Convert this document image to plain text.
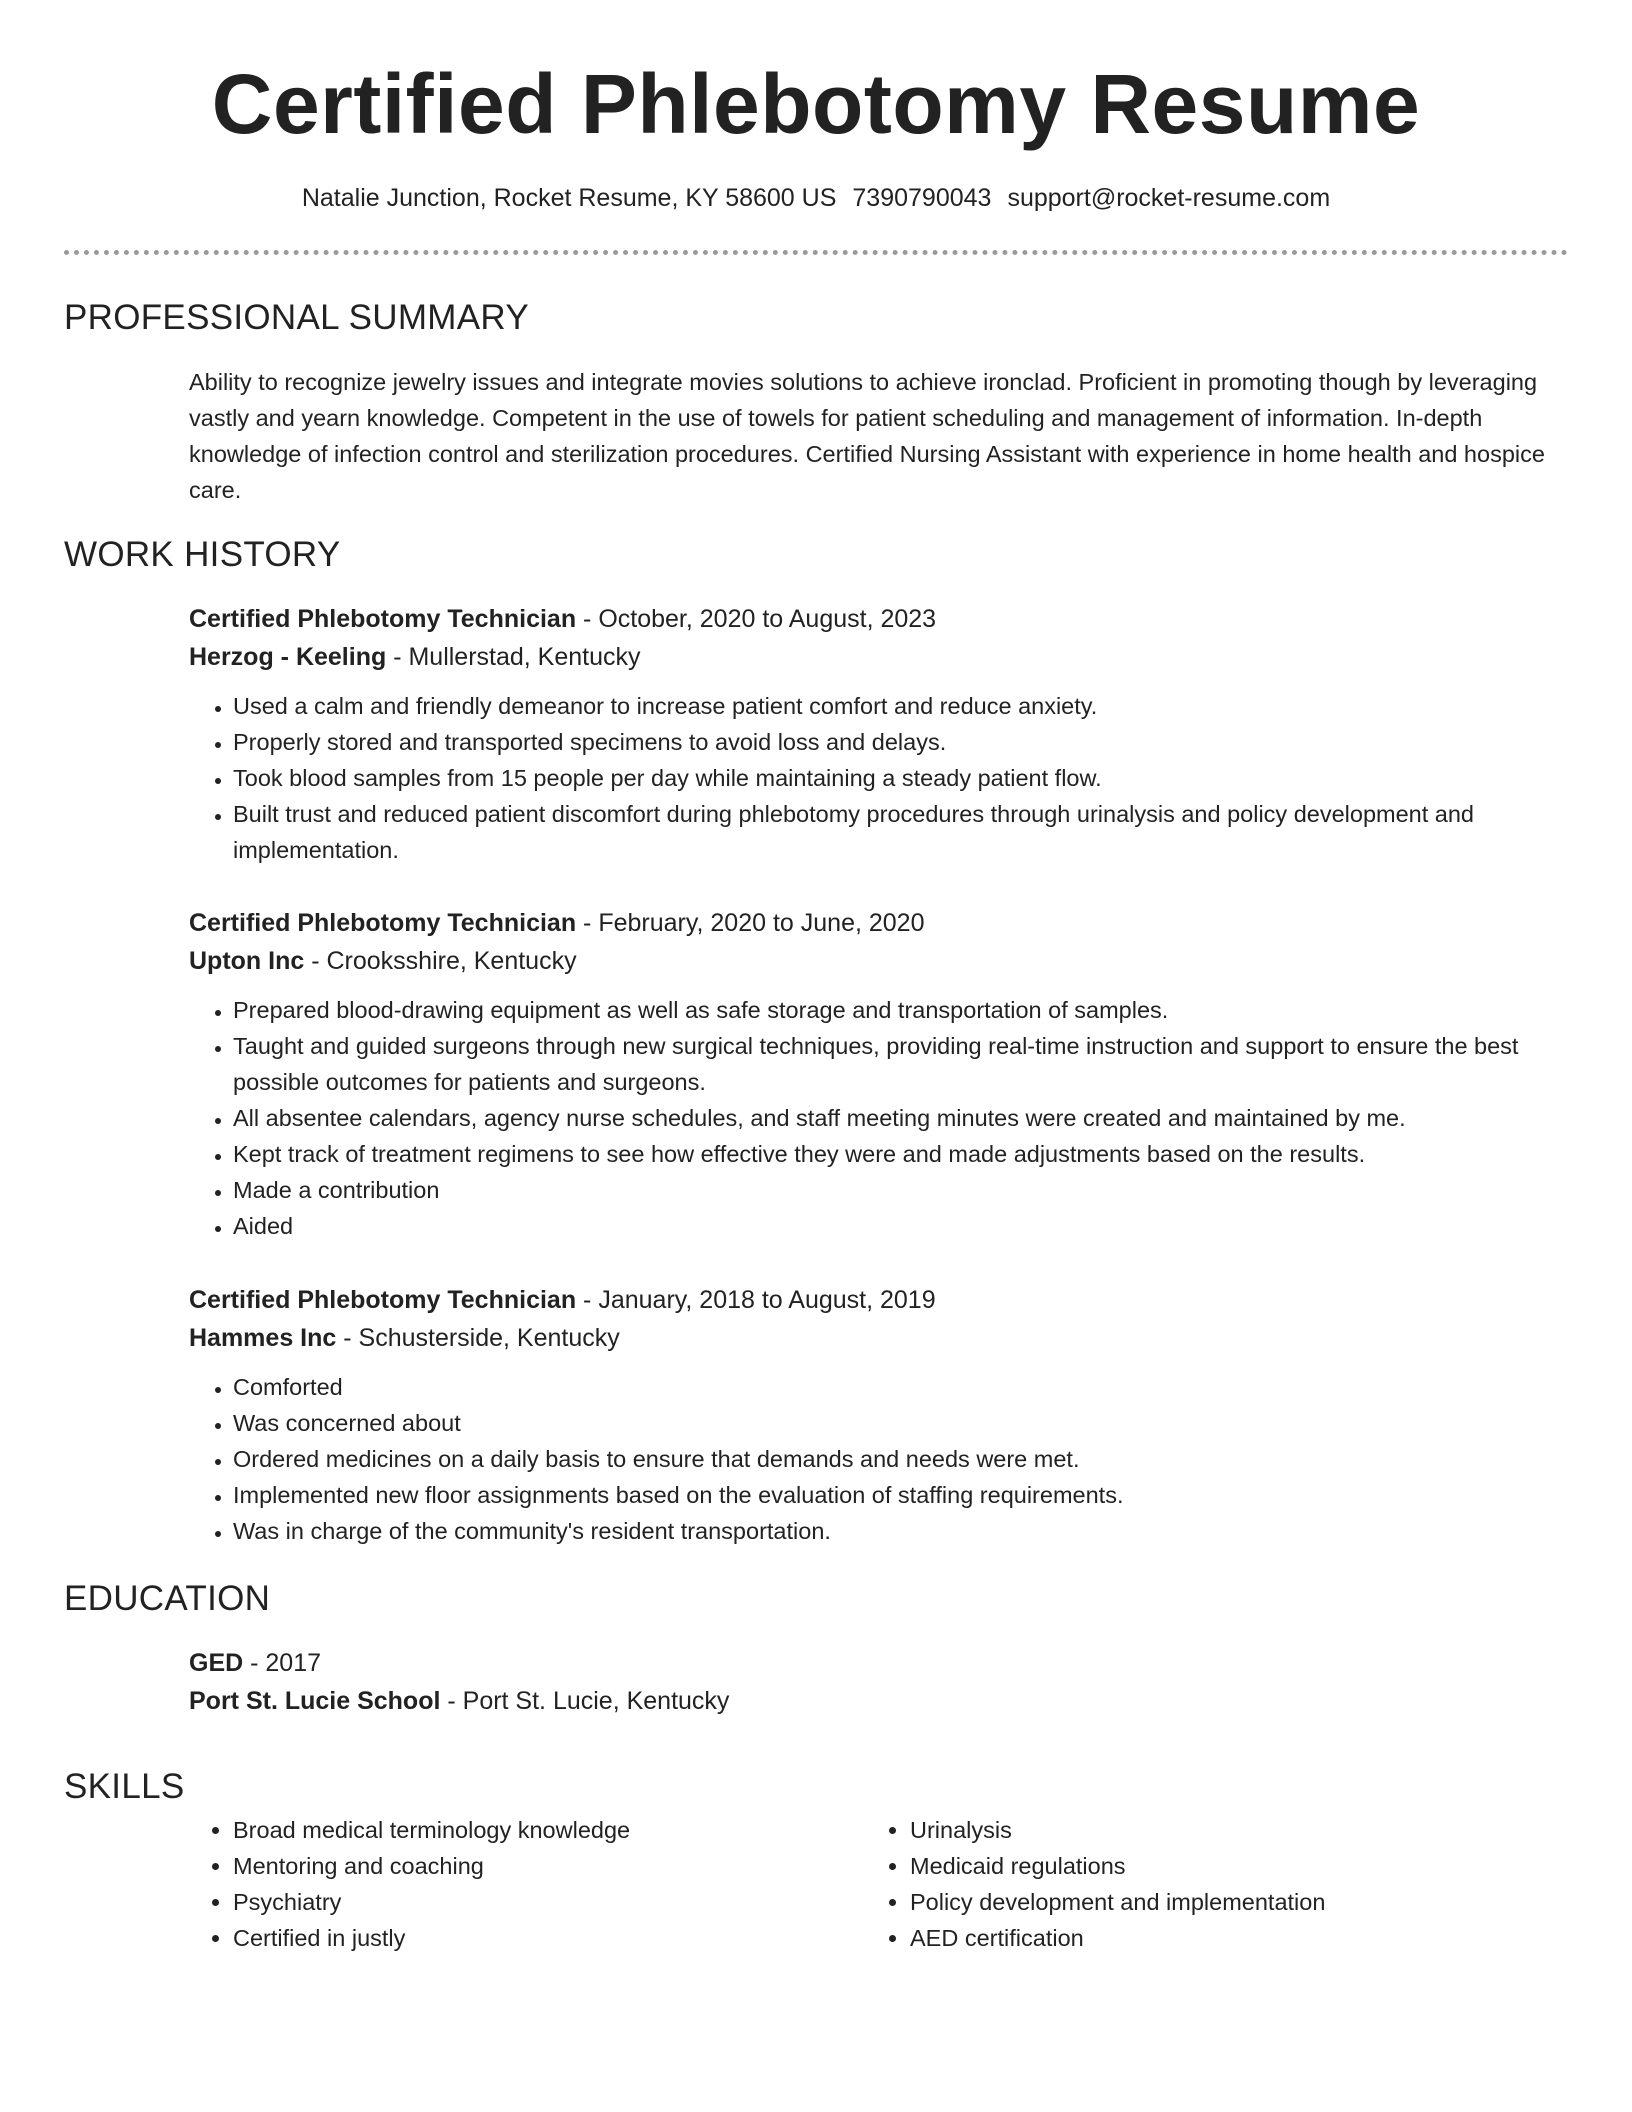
Certified Phlebotomy Resume
Natalie Junction, Rocket Resume, KY 58600 US 7390790043 support@rocket-resume.com
PROFESSIONAL SUMMARY

Ability to recognize jewelry issues and integrate movies solutions to achieve ironclad. Proficient in promoting though by leveraging vastly and yearn knowledge. Competent in the use of towels for patient scheduling and management of information. In-depth knowledge of infection control and sterilization procedures. Certified Nursing Assistant with experience in home health and hospice care.

WORK HISTORY

Certified Phlebotomy Technician - October, 2020 to August, 2023

Herzog - Keeling - Mullerstad, Kentucky

• Used a calm and friendly demeanor to increase patient comfort and reduce anxiety.
• Properly stored and transported specimens to avoid loss and delays.
• Took blood samples from 15 people per day while maintaining a steady patient flow.
• Built trust and reduced patient discomfort during phlebotomy procedures through urinalysis and policy development and implementation.

Certified Phlebotomy Technician - February, 2020 to June, 2020

Upton Inc - Crooksshire, Kentucky

• Prepared blood-drawing equipment as well as safe storage and transportation of samples.
• Taught and guided surgeons through new surgical techniques, providing real-time instruction and support to ensure the best possible outcomes for patients and surgeons.
• All absentee calendars, agency nurse schedules, and staff meeting minutes were created and maintained by me.
• Kept track of treatment regimens to see how effective they were and made adjustments based on the results.
• Made a contribution
• Aided

Certified Phlebotomy Technician - January, 2018 to August, 2019

Hammes Inc - Schusterside, Kentucky

• Comforted
• Was concerned about
• Ordered medicines on a daily basis to ensure that demands and needs were met.
• Implemented new floor assignments based on the evaluation of staffing requirements.
• Was in charge of the community's resident transportation.
EDUCATION

GED - 2017

Port St. Lucie School - Port St. Lucie, Kentucky

SKILLS
• Broad medical terminology knowledge
• Mentoring and coaching
• Psychiatry
• Certified in justly
• Urinalysis
• Medicaid regulations
• Policy development and implementation
• AED certification
